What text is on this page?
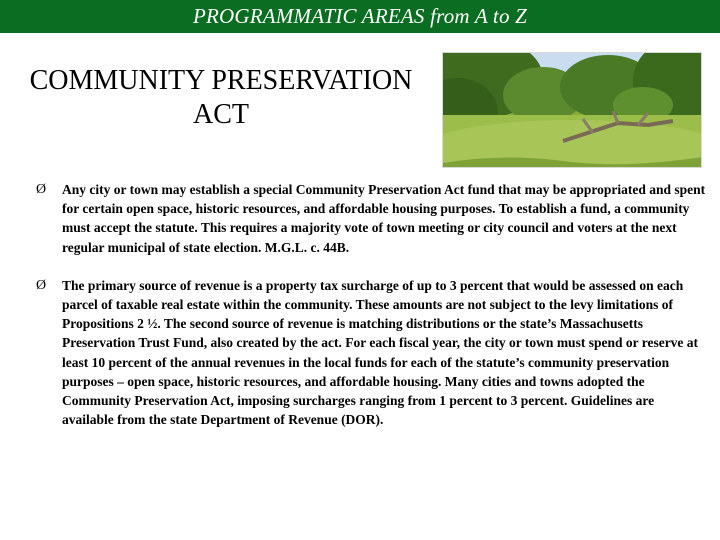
PROGRAMMATIC AREAS from A to Z
COMMUNITY PRESERVATION
ACT
Ø Any city or town may establish a special Community Preservation Act fund that may be appropriated and spent for certain open space, historic resources, and affordable housing purposes. To establish a fund, a community must accept the statute. This requires a majority vote of town meeting or city council and voters at the next regular municipal of state election. M.G.L. c. 44B.
Ø The primary source of revenue is a property tax surcharge of up to 3 percent that would be assessed on each parcel of taxable real estate within the community. These amounts are not subject to the levy limitations of Propositions 2 ½. The second source of revenue is matching distributions or the state’s Massachusetts Preservation Trust Fund, also created by the act. For each fiscal year, the city or town must spend or reserve at least 10 percent of the annual revenues in the local funds for each of the statute’s community preservation purposes – open space, historic resources, and affordable housing. Many cities and towns adopted the Community Preservation Act, imposing surcharges ranging from 1 percent to 3 percent. Guidelines are available from the state Department of Revenue (DOR).
